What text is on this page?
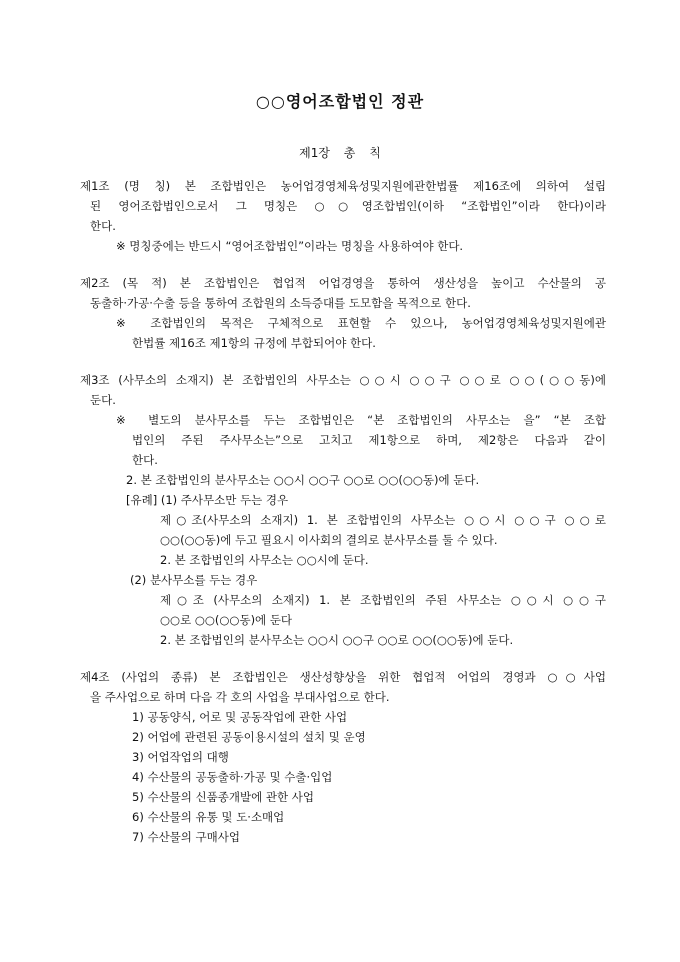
○○영어조합법인 정관
제1장 총 칙
제1조 (명 칭) 본 조합법인은 농어업경영체육성및지원에관한법률 제16조에 의하여 설립
된 영어조합법인으로서 그 명칭은 ○○영조합법인(이하 “조합법인”이라 한다)이라
한다.
※ 명칭중에는 반드시 “영어조합법인”이라는 명칭을 사용하여야 한다.
제2조 (목 적) 본 조합법인은 협업적 어업경영을 통하여 생산성을 높이고 수산물의 공
동출하·가공·수출 등을 통하여 조합원의 소득증대를 도모함을 목적으로 한다.
※ 조합법인의 목적은 구체적으로 표현할 수 있으나, 농어업경영체육성및지원에관
한법률 제16조 제1항의 규정에 부합되어야 한다.
제3조 (사무소의 소재지) 본 조합법인의 사무소는 ○○시 ○○구 ○○로 ○○(○○동)에
둔다.
※ 별도의 분사무소를 두는 조합법인은 “본 조합법인의 사무소는 을” “본 조합
법인의 주된 주사무소는”으로 고치고 제1항으로 하며, 제2항은 다음과 같이
한다.
2. 본 조합법인의 분사무소는 ○○시 ○○구 ○○로 ○○(○○동)에 둔다.
[유례] (1) 주사무소만 두는 경우
제○조(사무소의 소재지) 1. 본 조합법인의 사무소는 ○○시 ○○구 ○○로
○○(○○동)에 두고 필요시 이사회의 결의로 분사무소를 둘 수 있다.
2. 본 조합법인의 사무소는 ○○시에 둔다.
(2) 분사무소를 두는 경우
제○조 (사무소의 소재지) 1. 본 조합법인의 주된 사무소는 ○○시 ○○구
○○로 ○○(○○동)에 둔다
2. 본 조합법인의 분사무소는 ○○시 ○○구 ○○로 ○○(○○동)에 둔다.
제4조 (사업의 종류) 본 조합법인은 생산성향상을 위한 협업적 어업의 경영과 ○○사업
을 주사업으로 하며 다음 각 호의 사업을 부대사업으로 한다.
1) 공동양식, 어로 및 공동작업에 관한 사업
2) 어업에 관련된 공동이용시설의 설치 및 운영
3) 어업작업의 대행
4) 수산물의 공동출하·가공 및 수출·입업
5) 수산물의 신품종개발에 관한 사업
6) 수산물의 유통 및 도·소매업
7) 수산물의 구매사업
